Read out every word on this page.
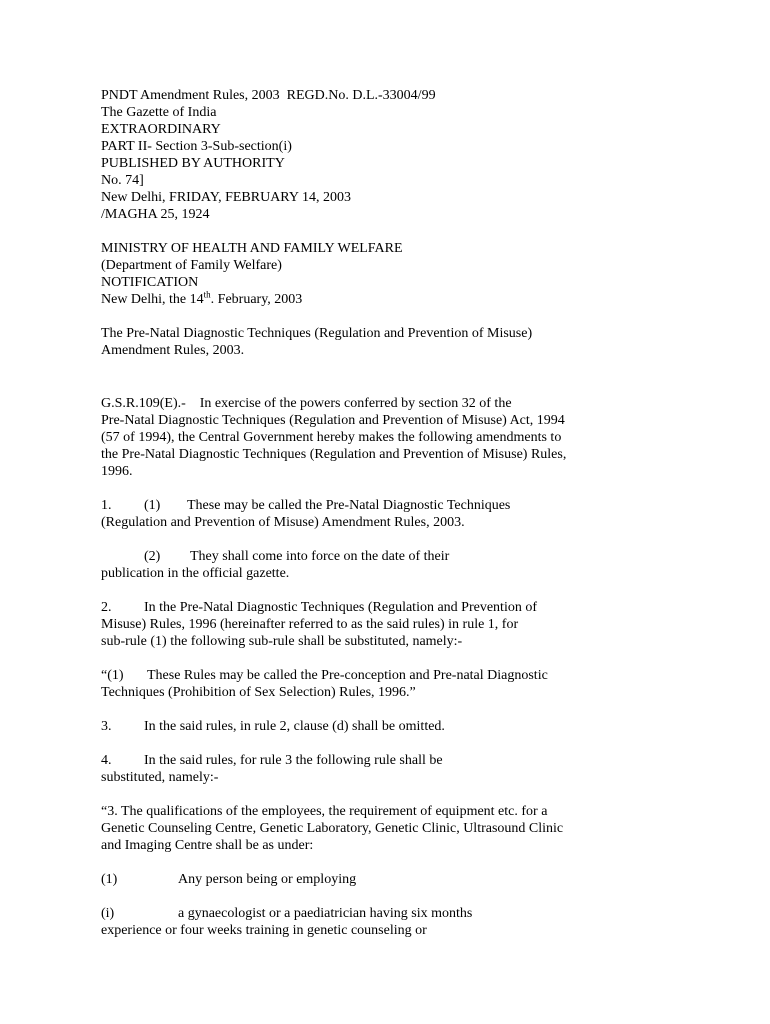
PNDT Amendment Rules, 2003  REGD.No. D.L.-33004/99
The Gazette of India
EXTRAORDINARY
PART II- Section 3-Sub-section(i)
PUBLISHED BY AUTHORITY
No. 74]
New Delhi, FRIDAY, FEBRUARY 14, 2003
/MAGHA 25, 1924
MINISTRY OF HEALTH AND FAMILY WELFARE
(Department of Family Welfare)
NOTIFICATION
New Delhi, the 14th. February, 2003
The Pre-Natal Diagnostic Techniques (Regulation and Prevention of Misuse)
Amendment Rules, 2003.
G.S.R.109(E).-    In exercise of the powers conferred by section 32 of the
Pre-Natal Diagnostic Techniques (Regulation and Prevention of Misuse) Act, 1994
(57 of 1994), the Central Government hereby makes the following amendments to
the Pre-Natal Diagnostic Techniques (Regulation and Prevention of Misuse) Rules,
1996.
1. (1) These may be called the Pre-Natal Diagnostic Techniques
(Regulation and Prevention of Misuse) Amendment Rules, 2003.
(2) They shall come into force on the date of their
publication in the official gazette.
2. In the Pre-Natal Diagnostic Techniques (Regulation and Prevention of
Misuse) Rules, 1996 (hereinafter referred to as the said rules) in rule 1, for
sub-rule (1) the following sub-rule shall be substituted, namely:-
“(1) These Rules may be called the Pre-conception and Pre-natal Diagnostic
Techniques (Prohibition of Sex Selection) Rules, 1996.”
3. In the said rules, in rule 2, clause (d) shall be omitted.
4. In the said rules, for rule 3 the following rule shall be
substituted, namely:-
“3. The qualifications of the employees, the requirement of equipment etc. for a
Genetic Counseling Centre, Genetic Laboratory, Genetic Clinic, Ultrasound Clinic
and Imaging Centre shall be as under:
(1)	Any person being or employing
(i)	a gynaecologist or a paediatrician having six months
experience or four weeks training in genetic counseling or
